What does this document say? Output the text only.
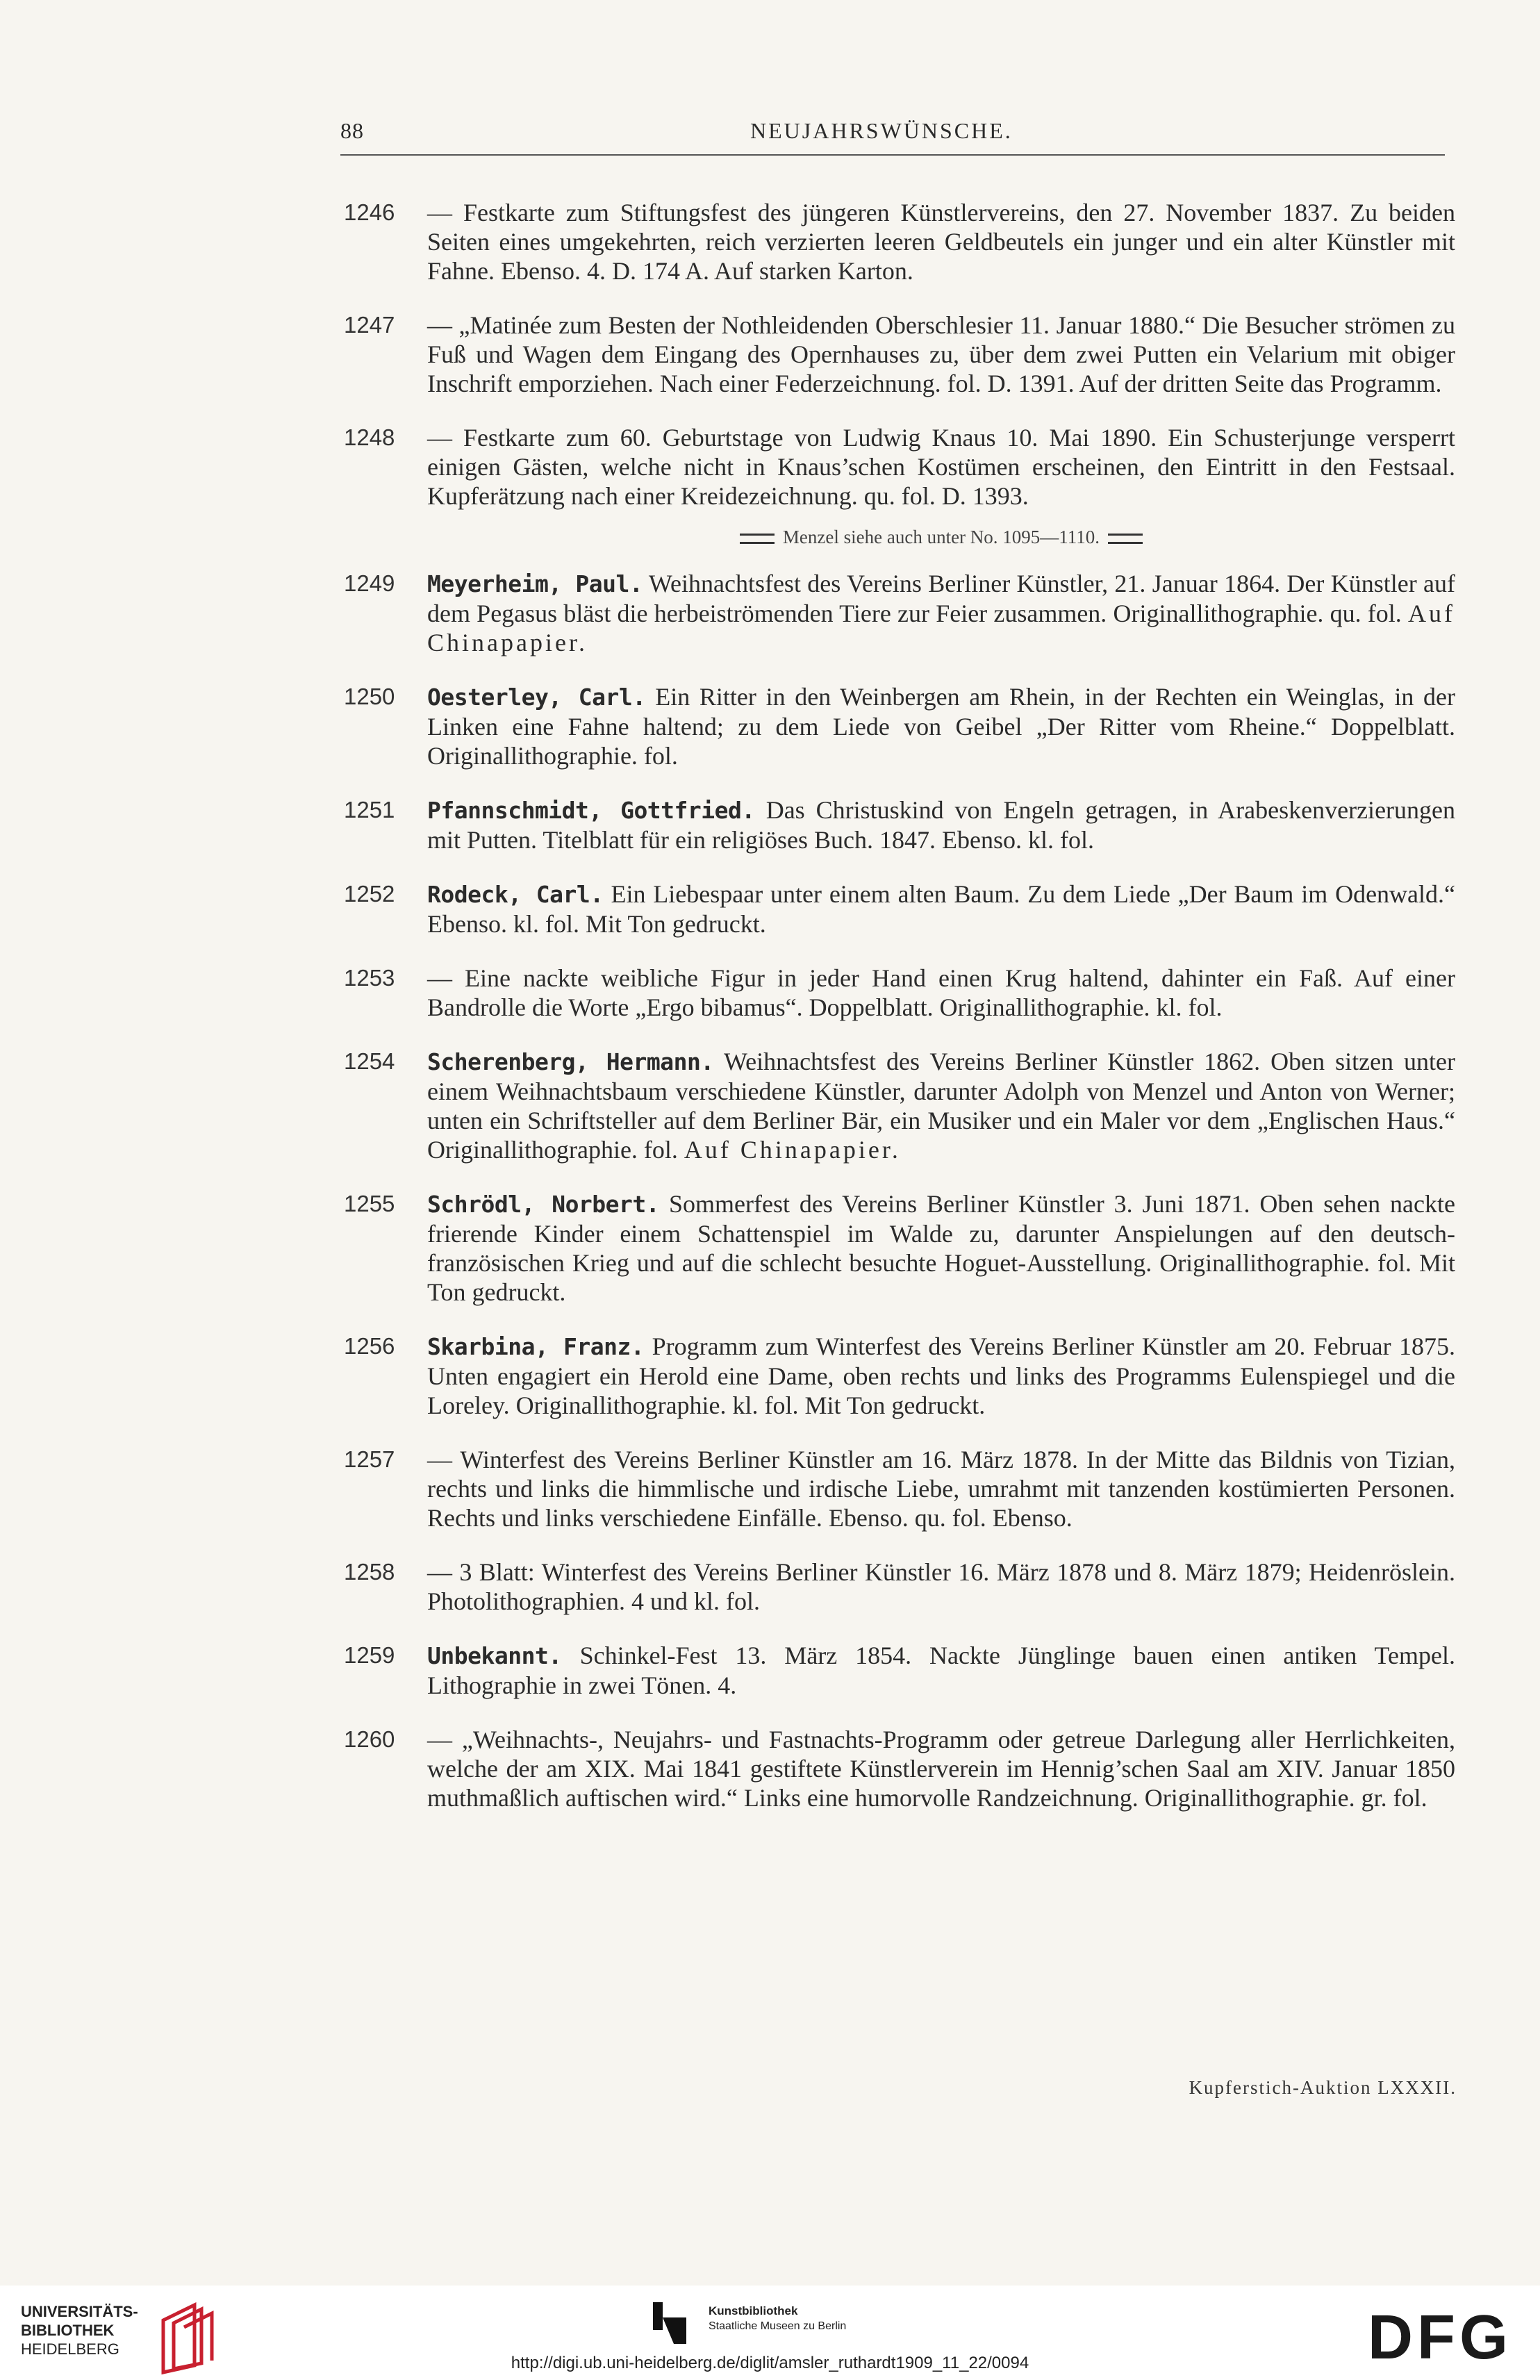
88	NEUJAHRSWÜNSCHE.
1246	— Festkarte zum Stiftungsfest des jüngeren Künstlervereins, den 27. November 1837. Zu beiden Seiten eines umgekehrten, reich verzierten leeren Geldbeutels ein junger und ein alter Künstler mit Fahne. Ebenso. 4. D. 174 A. Auf starken Karton.
1247	— „Matinée zum Besten der Nothleidenden Oberschlesier 11. Januar 1880.“ Die Besucher strömen zu Fuß und Wagen dem Eingang des Opernhauses zu, über dem zwei Putten ein Velarium mit obiger Inschrift emporziehen. Nach einer Federzeichnung. fol. D. 1391. Auf der dritten Seite das Programm.
1248	— Festkarte zum 60. Geburtstage von Ludwig Knaus 10. Mai 1890. Ein Schusterjunge versperrt einigen Gästen, welche nicht in Knaus’schen Kostümen erscheinen, den Eintritt in den Festsaal. Kupferätzung nach einer Kreidezeichnung. qu. fol. D. 1393.
Menzel siehe auch unter No. 1095—1110.
1249	Meyerheim, Paul. Weihnachtsfest des Vereins Berliner Künstler, 21. Januar 1864. Der Künstler auf dem Pegasus bläst die herbeiströmenden Tiere zur Feier zusammen. Originallithographie. qu. fol. Auf Chinapapier.
1250	Oesterley, Carl. Ein Ritter in den Weinbergen am Rhein, in der Rechten ein Weinglas, in der Linken eine Fahne haltend; zu dem Liede von Geibel „Der Ritter vom Rheine.“ Doppelblatt. Originallithographie. fol.
1251	Pfannschmidt, Gottfried. Das Christuskind von Engeln getragen, in Arabeskenverzierungen mit Putten. Titelblatt für ein religiöses Buch. 1847. Ebenso. kl. fol.
1252	Rodeck, Carl. Ein Liebespaar unter einem alten Baum. Zu dem Liede „Der Baum im Odenwald.“ Ebenso. kl. fol. Mit Ton gedruckt.
1253	— Eine nackte weibliche Figur in jeder Hand einen Krug haltend, dahinter ein Faß. Auf einer Bandrolle die Worte „Ergo bibamus“. Doppelblatt. Originallithographie. kl. fol.
1254	Scherenberg, Hermann. Weihnachtsfest des Vereins Berliner Künstler 1862. Oben sitzen unter einem Weihnachtsbaum verschiedene Künstler, darunter Adolph von Menzel und Anton von Werner; unten ein Schriftsteller auf dem Berliner Bär, ein Musiker und ein Maler vor dem „Englischen Haus.“ Originallithographie. fol. Auf Chinapapier.
1255	Schrödl, Norbert. Sommerfest des Vereins Berliner Künstler 3. Juni 1871. Oben sehen nackte frierende Kinder einem Schattenspiel im Walde zu, darunter Anspielungen auf den deutsch-französischen Krieg und auf die schlecht besuchte Hoguet-Ausstellung. Originallithographie. fol. Mit Ton gedruckt.
1256	Skarbina, Franz. Programm zum Winterfest des Vereins Berliner Künstler am 20. Februar 1875. Unten engagiert ein Herold eine Dame, oben rechts und links des Programms Eulenspiegel und die Loreley. Originallithographie. kl. fol. Mit Ton gedruckt.
1257	— Winterfest des Vereins Berliner Künstler am 16. März 1878. In der Mitte das Bildnis von Tizian, rechts und links die himmlische und irdische Liebe, umrahmt mit tanzenden kostümierten Personen. Rechts und links verschiedene Einfälle. Ebenso. qu. fol. Ebenso.
1258	— 3 Blatt: Winterfest des Vereins Berliner Künstler 16. März 1878 und 8. März 1879; Heidenröslein. Photolithographien. 4 und kl. fol.
1259	Unbekannt. Schinkel-Fest 13. März 1854. Nackte Jünglinge bauen einen antiken Tempel. Lithographie in zwei Tönen. 4.
1260	— „Weihnachts-, Neujahrs- und Fastnachts-Programm oder getreue Darlegung aller Herrlichkeiten, welche der am XIX. Mai 1841 gestiftete Künstlerverein im Hennig’schen Saal am XIV. Januar 1850 muthmaßlich auftischen wird.“ Links eine humorvolle Randzeichnung. Originallithographie. gr. fol.
Kupferstich-Auktion LXXXII.
UNIVERSITÄTS-
BIBLIOTHEK
HEIDELBERG
Kunstbibliothek
Staatliche Museen zu Berlin	DFG
http://digi.ub.uni-heidelberg.de/diglit/amsler_ruthardt1909_11_22/0094
